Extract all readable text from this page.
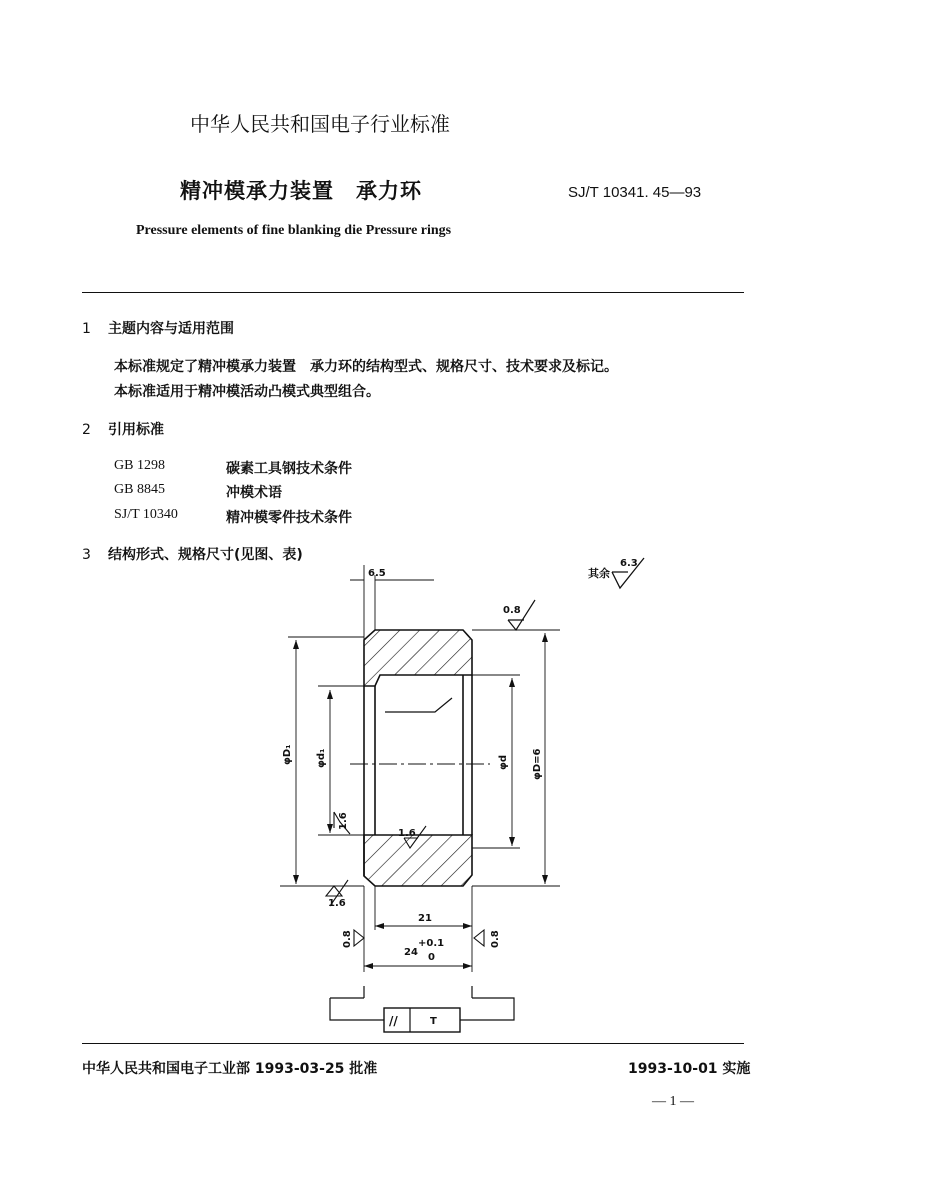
中华人民共和国电子行业标准
精冲模承力装置　承力环	SJ/T 10341. 45—93
Pressure elements of fine blanking die Pressure rings
1 主题内容与适用范围
本标准规定了精冲模承力装置　承力环的结构型式、规格尺寸、技术要求及标记。
本标准适用于精冲模活动凸模式典型组合。
2 引用标准
GB 1298	碳素工具钢技术条件
GB 8845	冲模术语
SJ/T 10340	精冲模零件技术条件
3 结构形式、规格尺寸(见图、表)
其余
6.3
φD₁ φd₁	φd φD=6
6.5
0.8
1.6
1.6
1.6
21
24
+0.1
0
0.8	0.8
//	T
中华人民共和国电子工业部 1993-03-25 批准	1993-10-01 实施
— 1 —
